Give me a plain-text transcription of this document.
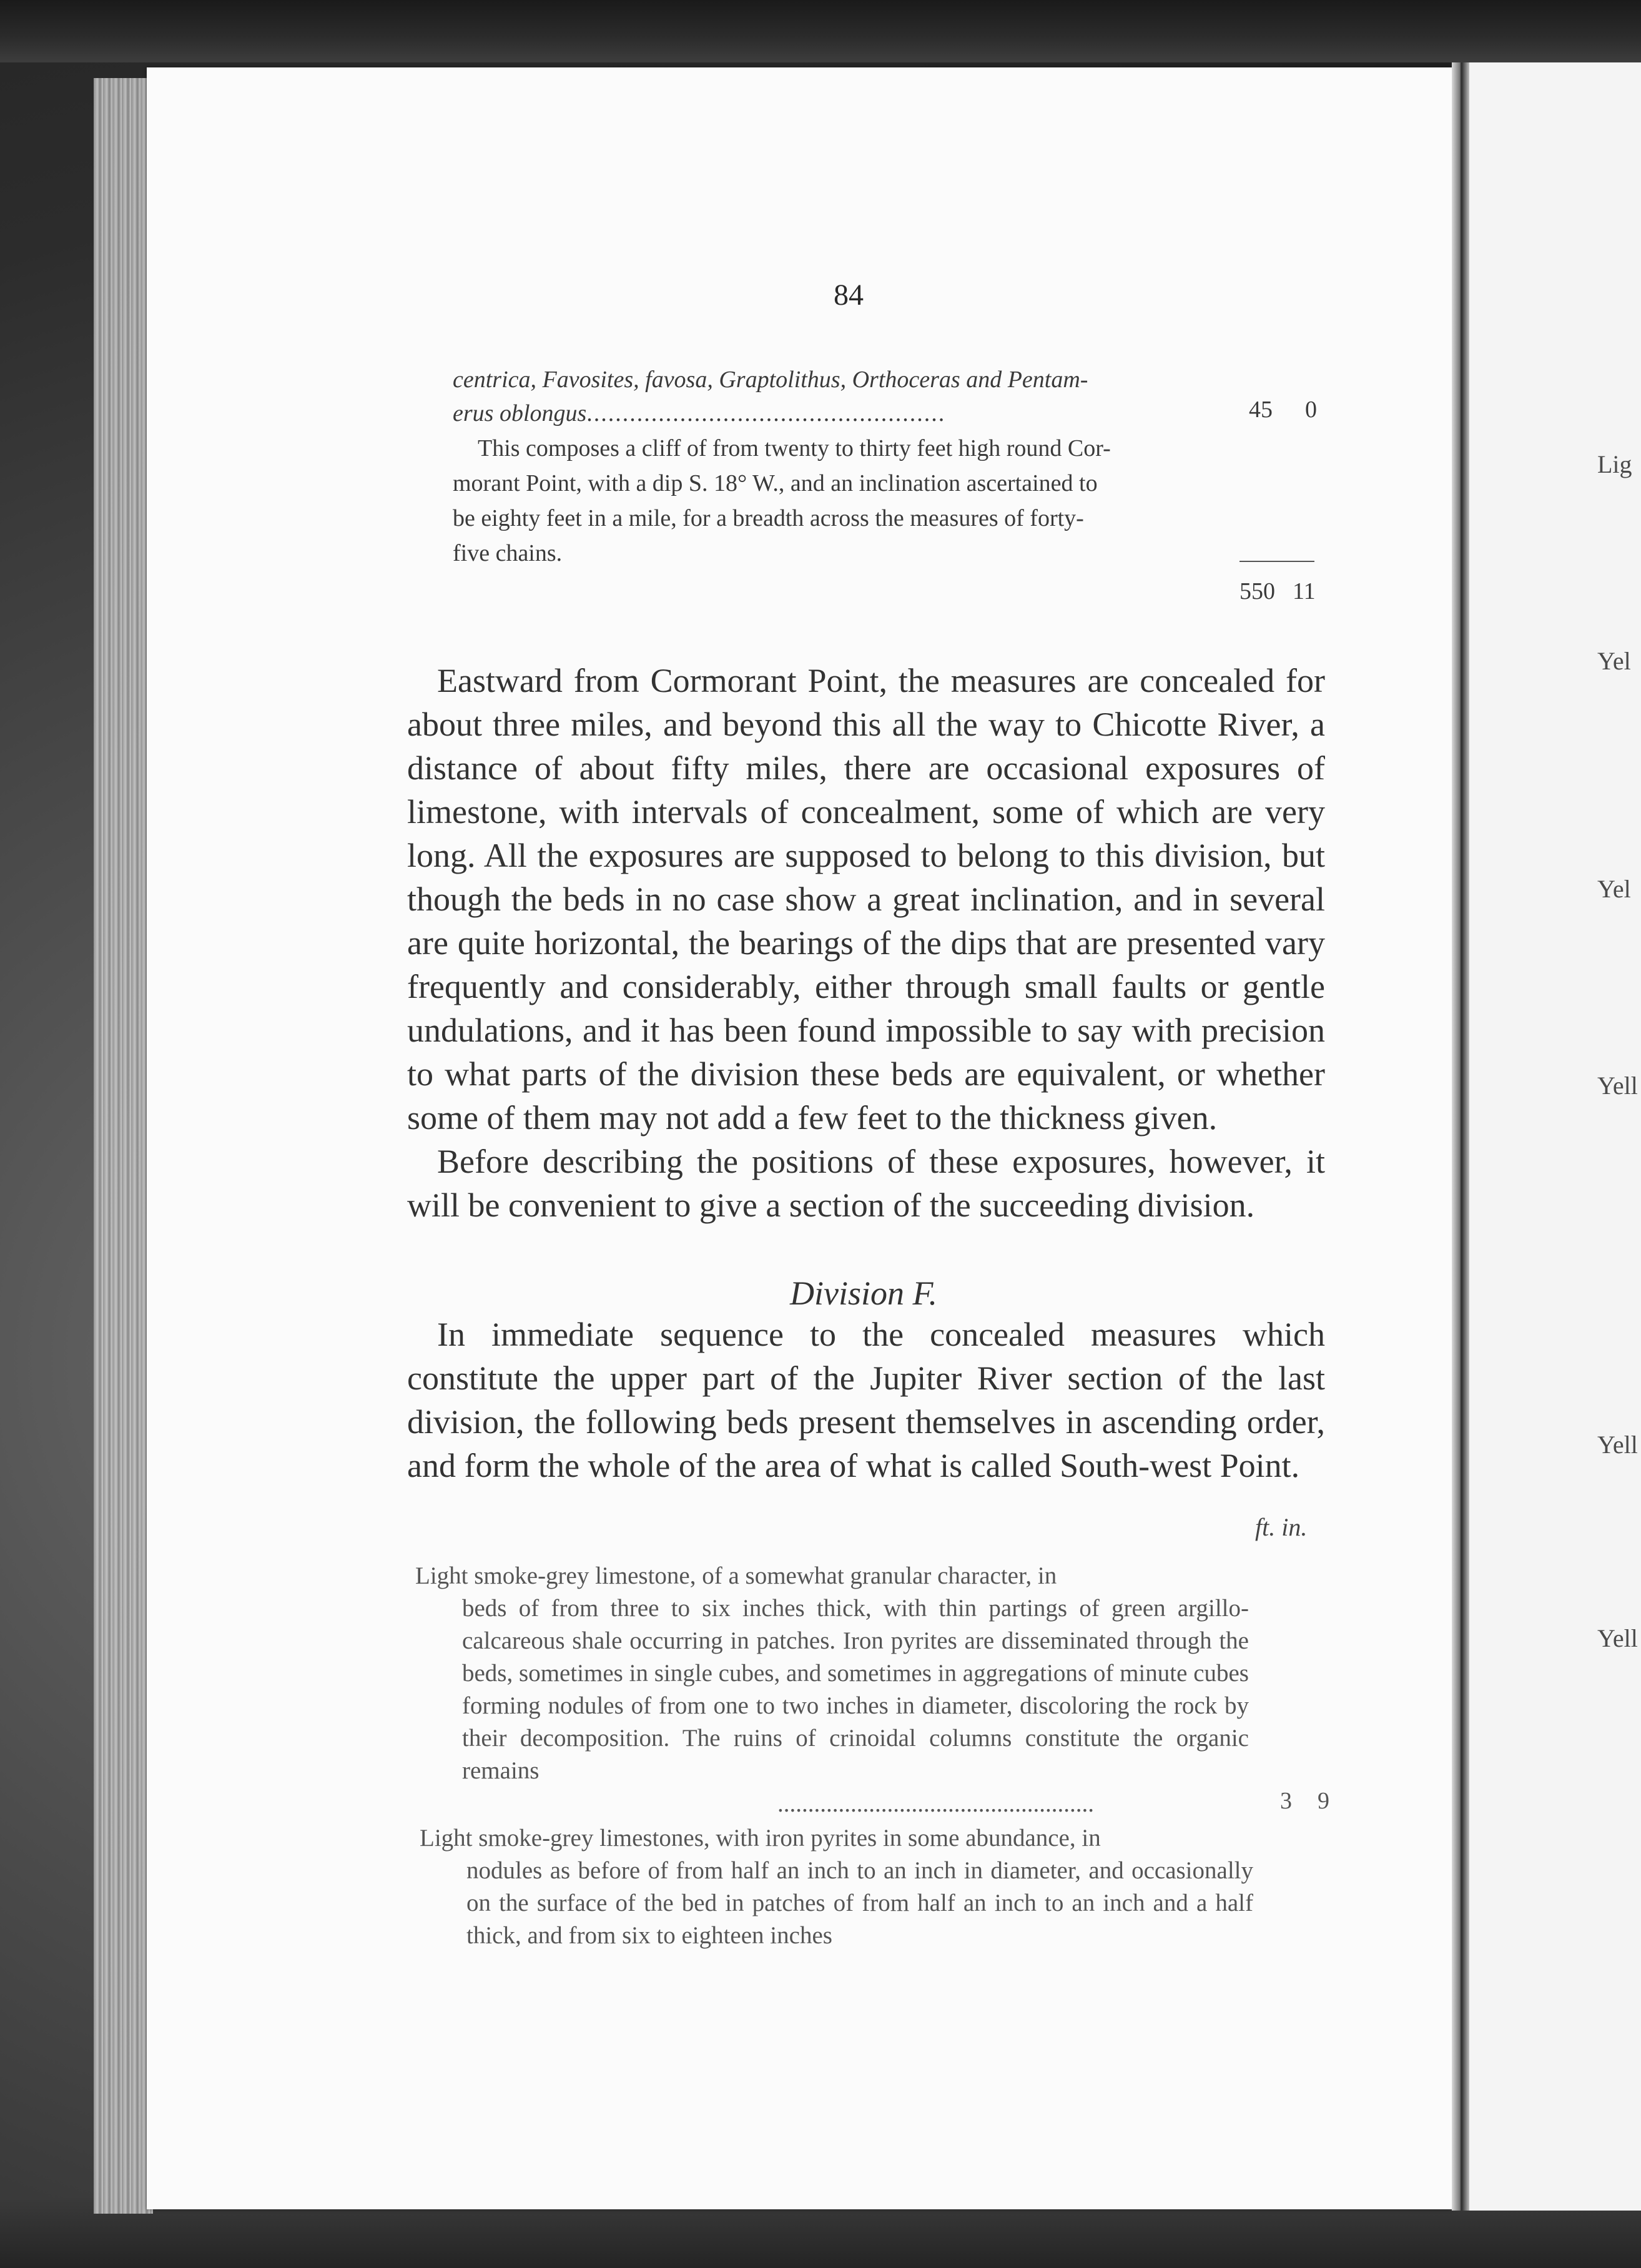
Lig
Yel
Yel
Yell
Yell
Yell
84
centrica, Favosites, favosa, Graptolithus, Orthoceras and Pentam-
erus oblongus..................................................	45 0
This composes a cliff of from twenty to thirty feet high round Cor-
morant Point, with a dip S. 18° W., and an inclination ascertained to
be eighty feet in a mile, for a breadth across the measures of forty-
five chains.
550 11

Eastward from Cormorant Point, the measures are concealed for about three miles, and beyond this all the way to Chicotte River, a distance of about fifty miles, there are occasional exposures of limestone, with intervals of concealment, some of which are very long. All the exposures are supposed to belong to this division, but though the beds in no case show a great inclination, and in several are quite horizontal, the bearings of the dips that are presented vary frequently and considerably, either through small faults or gentle undulations, and it has been found impossible to say with precision to what parts of the division these beds are equivalent, or whether some of them may not add a few feet to the thickness given.

Before describing the positions of these exposures, however, it will be convenient to give a section of the succeeding division.

Division F.

In immediate sequence to the concealed measures which constitute the upper part of the Jupiter River section of the last division, the following beds present themselves in ascending order, and form the whole of the area of what is called South-west Point.

ft. in.
Light smoke-grey limestone, of a somewhat granular character, in
beds of from three to six inches thick, with thin partings of green argillo-calcareous shale occurring in patches. Iron pyrites are disseminated through the beds, sometimes in single cubes, and sometimes in aggregations of minute cubes forming nodules of from one to two inches in diameter, discoloring the rock by their decomposition. The ruins of crinoidal columns constitute the organic remains
....................................................	3 9
Light smoke-grey limestones, with iron pyrites in some abundance, in
nodules as before of from half an inch to an inch in diameter, and occasionally on the surface of the bed in patches of from half an inch to an inch and a half thick, and from six to eighteen inches
